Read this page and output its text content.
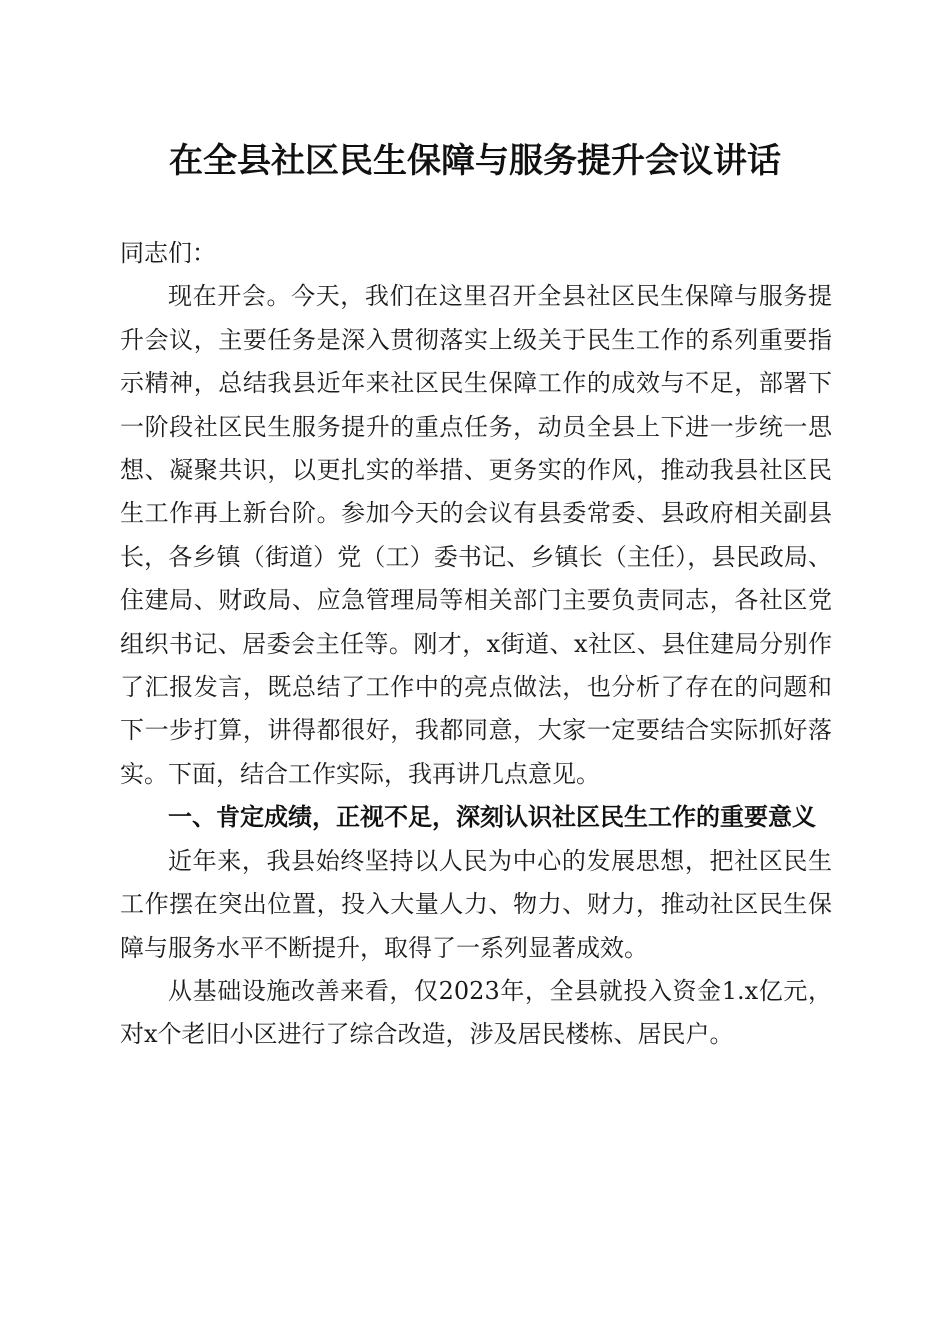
在全县社区民生保障与服务提升会议讲话

同志们：

现在开会。今天，我们在这里召开全县社区民生保障与服务提升会议，主要任务是深入贯彻落实上级关于民生工作的系列重要指示精神，总结我县近年来社区民生保障工作的成效与不足，部署下一阶段社区民生服务提升的重点任务，动员全县上下进一步统一思想、凝聚共识，以更扎实的举措、更务实的作风，推动我县社区民生工作再上新台阶。参加今天的会议有县委常委、县政府相关副县长，各乡镇（街道）党（工）委书记、乡镇长（主任），县民政局、住建局、财政局、应急管理局等相关部门主要负责同志，各社区党组织书记、居委会主任等。刚才，x街道、x社区、县住建局分别作了汇报发言，既总结了工作中的亮点做法，也分析了存在的问题和下一步打算，讲得都很好，我都同意，大家一定要结合实际抓好落实。下面，结合工作实际，我再讲几点意见。

一、肯定成绩，正视不足，深刻认识社区民生工作的重要意义

近年来，我县始终坚持以人民为中心的发展思想，把社区民生工作摆在突出位置，投入大量人力、物力、财力，推动社区民生保障与服务水平不断提升，取得了一系列显著成效。

从基础设施改善来看，仅2023年，全县就投入资金1.x亿元，对x个老旧小区进行了综合改造，涉及居民楼栋、居民户。
